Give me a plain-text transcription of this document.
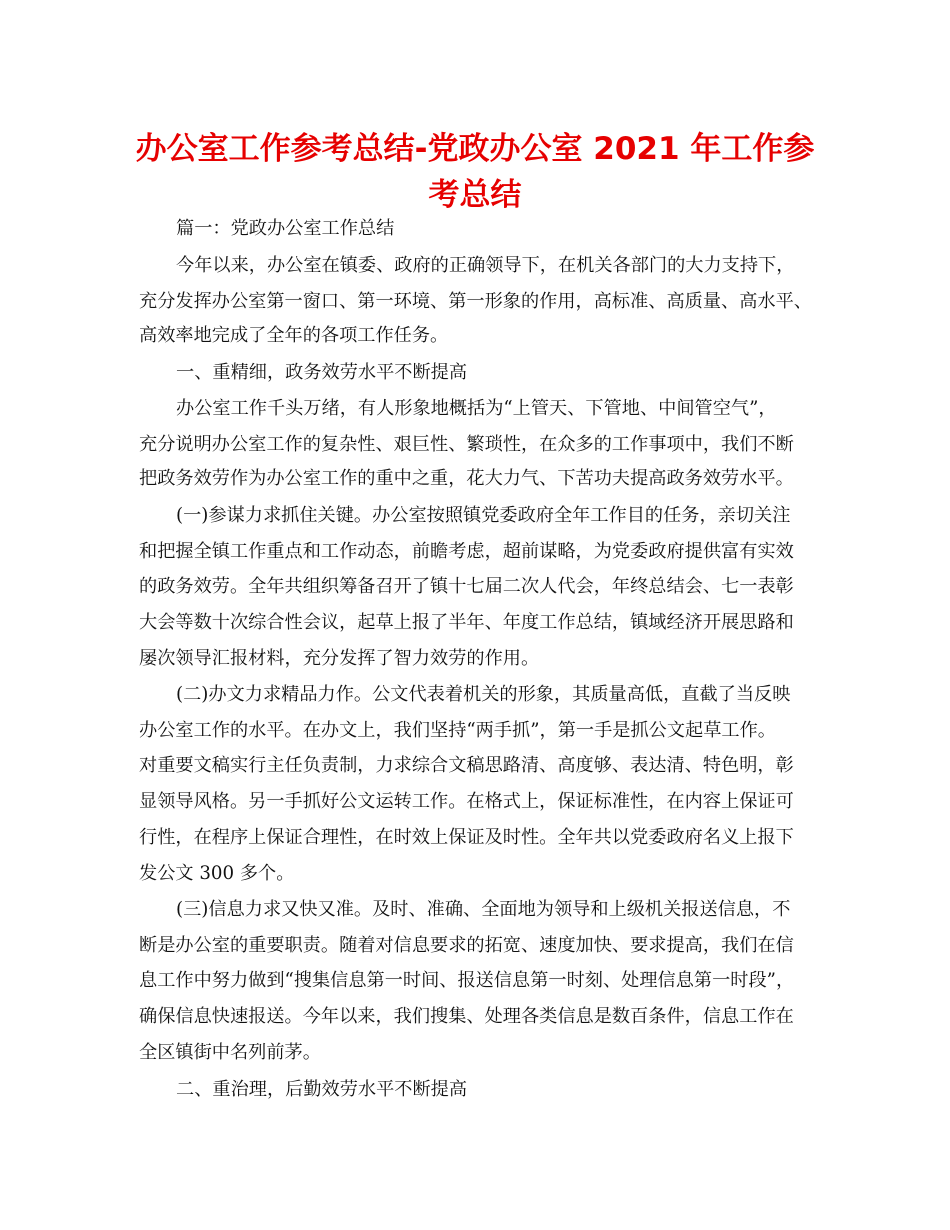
办公室工作参考总结-党政办公室 2021 年工作参
考总结

篇一：党政办公室工作总结

今年以来，办公室在镇委、政府的正确领导下，在机关各部门的大力支持下，

充分发挥办公室第一窗口、第一环境、第一形象的作用，高标准、高质量、高水平、

高效率地完成了全年的各项工作任务。

一、重精细，政务效劳水平不断提高

办公室工作千头万绪，有人形象地概括为“上管天、下管地、中间管空气”，

充分说明办公室工作的复杂性、艰巨性、繁琐性，在众多的工作事项中，我们不断

把政务效劳作为办公室工作的重中之重，花大力气、下苦功夫提高政务效劳水平。

(一)参谋力求抓住关键。办公室按照镇党委政府全年工作目的任务，亲切关注

和把握全镇工作重点和工作动态，前瞻考虑，超前谋略，为党委政府提供富有实效

的政务效劳。全年共组织筹备召开了镇十七届二次人代会，年终总结会、七一表彰

大会等数十次综合性会议，起草上报了半年、年度工作总结，镇域经济开展思路和

屡次领导汇报材料，充分发挥了智力效劳的作用。

(二)办文力求精品力作。公文代表着机关的形象，其质量高低，直截了当反映

办公室工作的水平。在办文上，我们坚持“两手抓”，第一手是抓公文起草工作。

对重要文稿实行主任负责制，力求综合文稿思路清、高度够、表达清、特色明，彰

显领导风格。另一手抓好公文运转工作。在格式上，保证标准性，在内容上保证可

行性，在程序上保证合理性，在时效上保证及时性。全年共以党委政府名义上报下

发公文 300 多个。

(三)信息力求又快又准。及时、准确、全面地为领导和上级机关报送信息，不

断是办公室的重要职责。随着对信息要求的拓宽、速度加快、要求提高，我们在信

息工作中努力做到“搜集信息第一时间、报送信息第一时刻、处理信息第一时段”，

确保信息快速报送。今年以来，我们搜集、处理各类信息是数百条件，信息工作在

全区镇街中名列前茅。

二、重治理，后勤效劳水平不断提高
